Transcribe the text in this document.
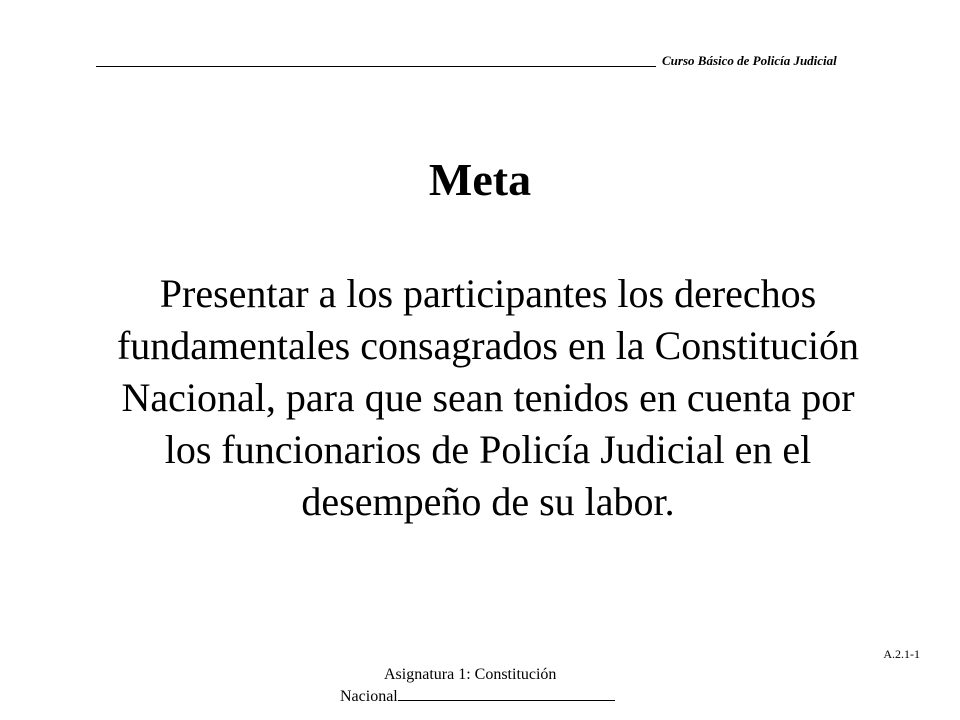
Curso Básico de Policía Judicial
Meta

Presentar a los participantes los derechos fundamentales consagrados en la Constitución Nacional, para que sean tenidos en cuenta por los funcionarios de Policía Judicial en el desempeño de su labor.

A.2.1-1
Asignatura 1: Constitución
Nacional
